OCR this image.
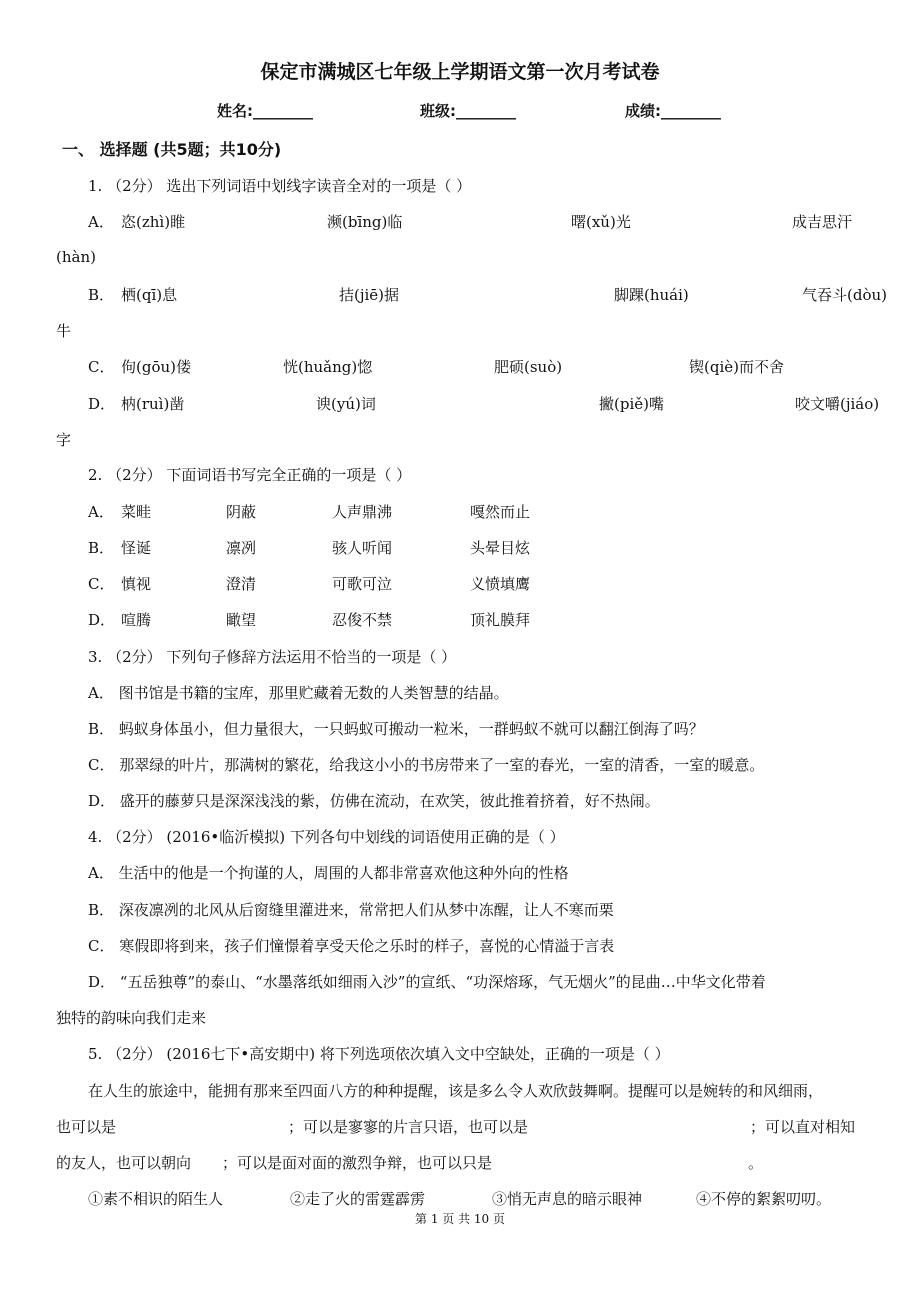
保定市满城区七年级上学期语文第一次月考试卷
姓名:________	班级:________	成绩:________
一、 选择题 (共5题；共10分)
1. （2分） 选出下列词语中划线字读音全对的一项是（ ）
A． 恣(zhì)睢	濒(bīng)临	曙(xǔ)光	成吉思汗
(hàn)
B． 栖(qī)息	拮(jiē)据	脚踝(huái)	气吞斗(dòu)
牛
C． 佝(gōu)偻	恍(huǎng)惚	肥硕(suò)	锲(qiè)而不舍
D． 枘(ruì)凿	谀(yú)词	撇(piě)嘴	咬文嚼(jiáo)
字
2. （2分） 下面词语书写完全正确的一项是（ ）
A． 菜畦	阴蔽	人声鼎沸	嘎然而止
B． 怪诞	凛冽	骇人听闻	头晕目炫
C． 慎视	澄清	可歌可泣	义愤填鹰
D． 喧腾	瞰望	忍俊不禁	顶礼膜拜
3. （2分） 下列句子修辞方法运用不恰当的一项是（ ）
A． 图书馆是书籍的宝库，那里贮藏着无数的人类智慧的结晶。
B． 蚂蚁身体虽小，但力量很大，一只蚂蚁可搬动一粒米，一群蚂蚁不就可以翻江倒海了吗？
C． 那翠绿的叶片，那满树的繁花，给我这小小的书房带来了一室的春光，一室的清香，一室的暖意。
D． 盛开的藤萝只是深深浅浅的紫，仿佛在流动，在欢笑，彼此推着挤着，好不热闹。
4. （2分） (2016•临沂模拟) 下列各句中划线的词语使用正确的是（ ）
A． 生活中的他是一个拘谨的人，周围的人都非常喜欢他这种外向的性格
B． 深夜凛冽的北风从后窗缝里灌进来，常常把人们从梦中冻醒，让人不寒而栗
C． 寒假即将到来，孩子们憧憬着享受天伦之乐时的样子，喜悦的心情溢于言表
D． “五岳独尊”的泰山、“水墨落纸如细雨入沙”的宣纸、“功深熔琢，气无烟火”的昆曲…中华文化带着
独特的韵味向我们走来
5. （2分） (2016七下•高安期中) 将下列选项依次填入文中空缺处，正确的一项是（ ）
在人生的旅途中，能拥有那来至四面八方的种种提醒，该是多么令人欢欣鼓舞啊。提醒可以是婉转的和风细雨，
也可以是	；可以是寥寥的片言只语，也可以是	；可以直对相知
的友人，也可以朝向 ；可以是面对面的激烈争辩，也可以只是	。
①素不相识的陌生人	②走了火的雷霆霹雳	③悄无声息的暗示眼神	④不停的絮絮叨叨。
第 1 页 共 10 页
